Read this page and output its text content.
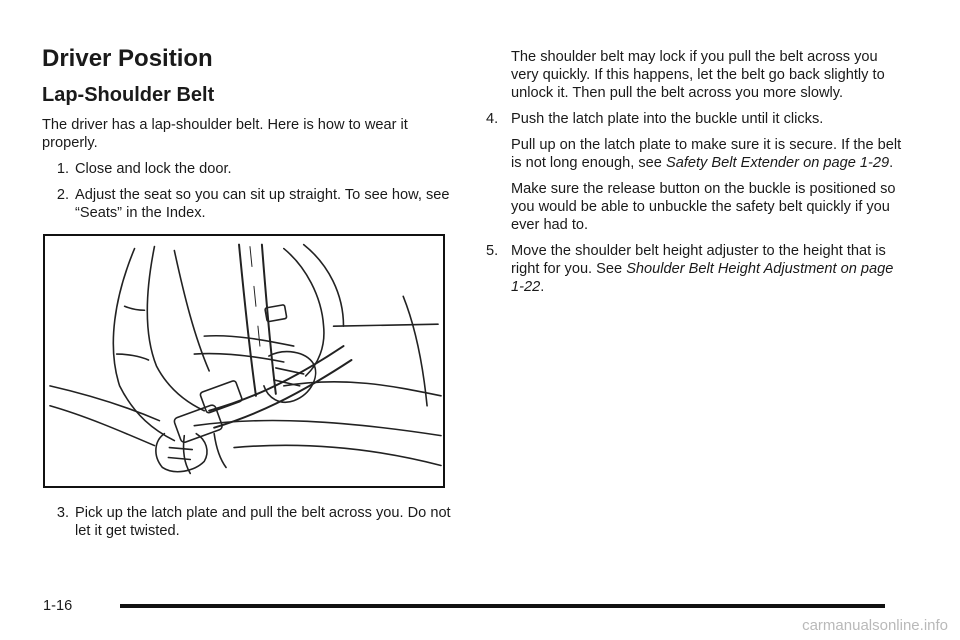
Driver Position
Lap-Shoulder Belt

The driver has a lap-shoulder belt. Here is how to wear it properly.

1. Close and lock the door.
2. Adjust the seat so you can sit up straight. To see how, see “Seats” in the Index.
3. Pick up the latch plate and pull the belt across you. Do not let it get twisted.

The shoulder belt may lock if you pull the belt across you very quickly. If this happens, let the belt go back slightly to unlock it. Then pull the belt across you more slowly.

4. Push the latch plate into the buckle until it clicks.

Pull up on the latch plate to make sure it is secure. If the belt is not long enough, see Safety Belt Extender on page 1-29.

Make sure the release button on the buckle is positioned so you would be able to unbuckle the safety belt quickly if you ever had to.

5. Move the shoulder belt height adjuster to the height that is right for you. See Shoulder Belt Height Adjustment on page 1-22.
1-16
carmanualsonline.info
